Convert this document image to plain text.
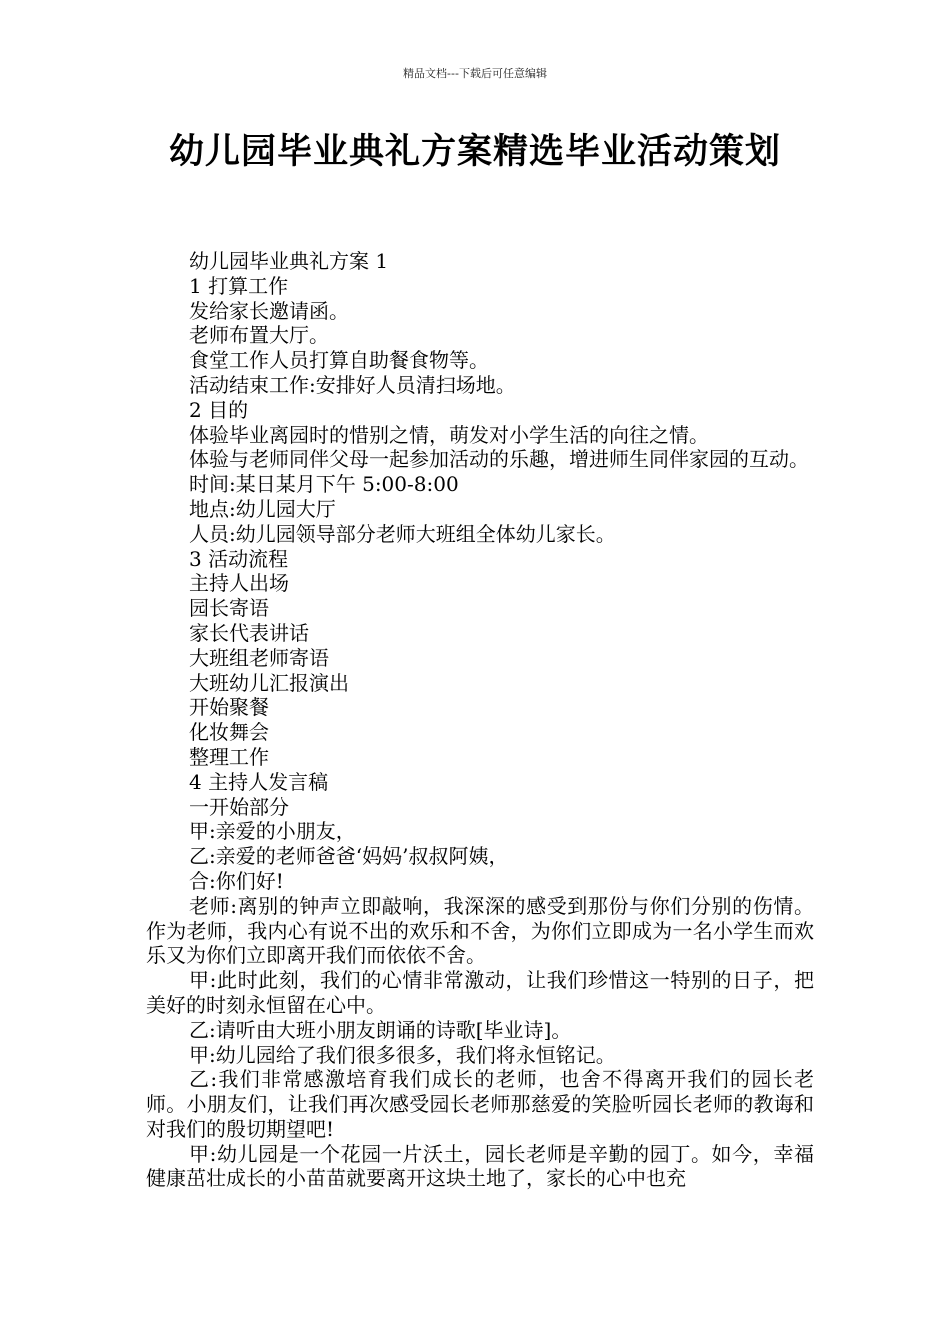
精品文档---下载后可任意编辑
幼儿园毕业典礼方案精选毕业活动策划

幼儿园毕业典礼方案 1

1 打算工作

发给家长邀请函。

老师布置大厅。

食堂工作人员打算自助餐食物等。

活动结束工作:安排好人员清扫场地。

2 目的

体验毕业离园时的惜别之情，萌发对小学生活的向往之情。

体验与老师同伴父母一起参加活动的乐趣，增进师生同伴家园的互动。

时间:某日某月下午 5:00-8:00

地点:幼儿园大厅

人员:幼儿园领导部分老师大班组全体幼儿家长。

3 活动流程

主持人出场

园长寄语

家长代表讲话

大班组老师寄语

大班幼儿汇报演出

开始聚餐

化妆舞会

整理工作

4 主持人发言稿

一开始部分

甲:亲爱的小朋友，

乙:亲爱的老师爸爸‘妈妈’叔叔阿姨，

合:你们好!

老师:离别的钟声立即敲响，我深深的感受到那份与你们分别的伤情。作为老师，我内心有说不出的欢乐和不舍，为你们立即成为一名小学生而欢乐又为你们立即离开我们而依依不舍。

甲:此时此刻，我们的心情非常激动，让我们珍惜这一特别的日子，把美好的时刻永恒留在心中。

乙:请听由大班小朋友朗诵的诗歌[毕业诗]。

甲:幼儿园给了我们很多很多，我们将永恒铭记。

乙:我们非常感激培育我们成长的老师，也舍不得离开我们的园长老师。小朋友们，让我们再次感受园长老师那慈爱的笑脸听园长老师的教诲和对我们的殷切期望吧!

甲:幼儿园是一个花园一片沃土，园长老师是辛勤的园丁。如今，幸福健康茁壮成长的小苗苗就要离开这块土地了，家长的心中也充
